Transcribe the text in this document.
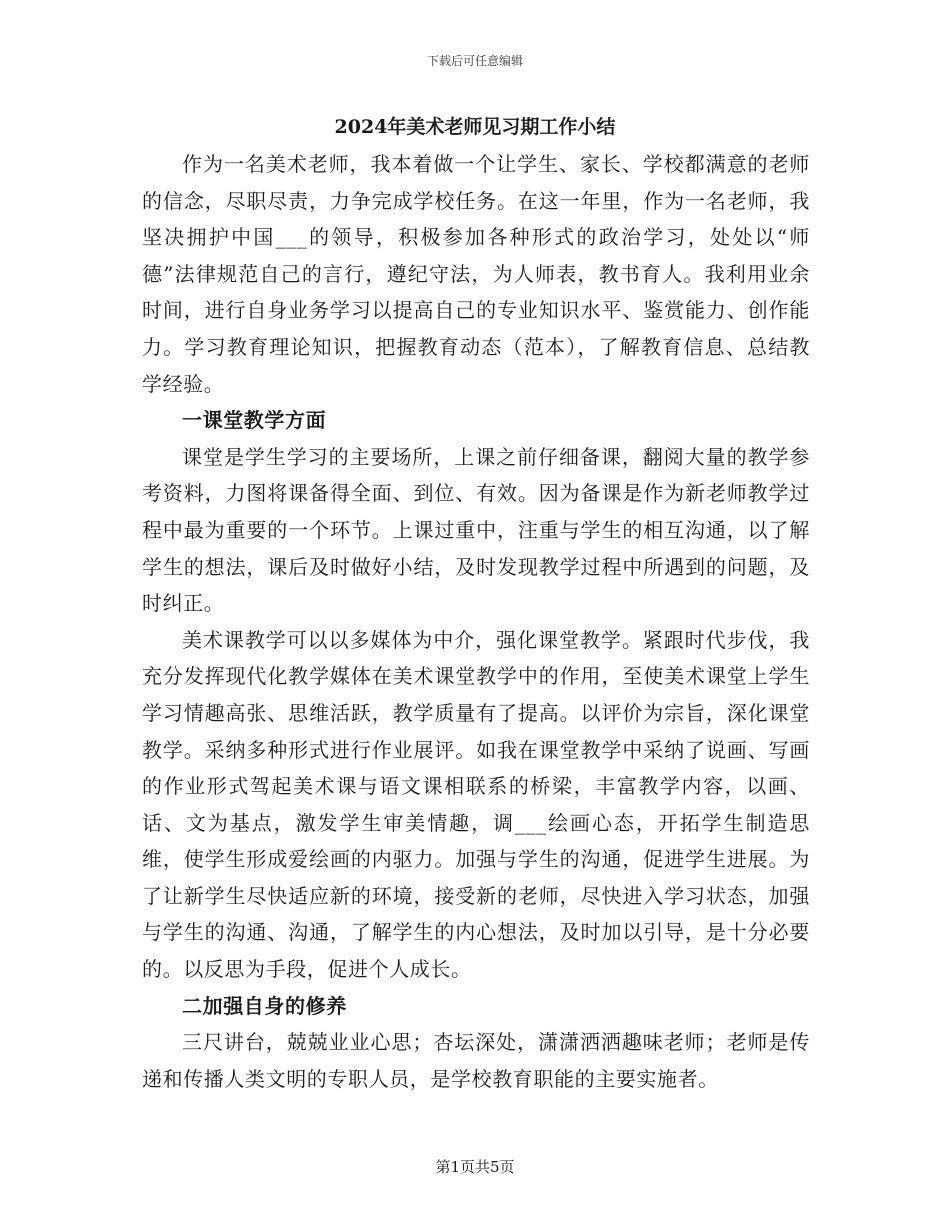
下载后可任意编辑
2024年美术老师见习期工作小结

作为一名美术老师，我本着做一个让学生、家长、学校都满意的老师的信念，尽职尽责，力争完成学校任务。在这一年里，作为一名老师，我坚决拥护中国___的领导，积极参加各种形式的政治学习，处处以“师德”法律规范自己的言行，遵纪守法，为人师表，教书育人。我利用业余时间，进行自身业务学习以提高自己的专业知识水平、鉴赏能力、创作能力。学习教育理论知识，把握教育动态（范本），了解教育信息、总结教学经验。

一课堂教学方面

课堂是学生学习的主要场所，上课之前仔细备课，翻阅大量的教学参考资料，力图将课备得全面、到位、有效。因为备课是作为新老师教学过程中最为重要的一个环节。上课过重中，注重与学生的相互沟通，以了解学生的想法，课后及时做好小结，及时发现教学过程中所遇到的问题，及时纠正。

美术课教学可以以多媒体为中介，强化课堂教学。紧跟时代步伐，我充分发挥现代化教学媒体在美术课堂教学中的作用，至使美术课堂上学生学习情趣高张、思维活跃，教学质量有了提高。以评价为宗旨，深化课堂教学。采纳多种形式进行作业展评。如我在课堂教学中采纳了说画、写画的作业形式驾起美术课与语文课相联系的桥梁，丰富教学内容，以画、话、文为基点，激发学生审美情趣，调___绘画心态，开拓学生制造思维，使学生形成爱绘画的内驱力。加强与学生的沟通，促进学生进展。为了让新学生尽快适应新的环境，接受新的老师，尽快进入学习状态，加强与学生的沟通、沟通，了解学生的内心想法，及时加以引导，是十分必要的。以反思为手段，促进个人成长。

二加强自身的修养

三尺讲台，兢兢业业心思；杏坛深处，潇潇洒洒趣味老师；老师是传递和传播人类文明的专职人员，是学校教育职能的主要实施者。

第1页共5页
